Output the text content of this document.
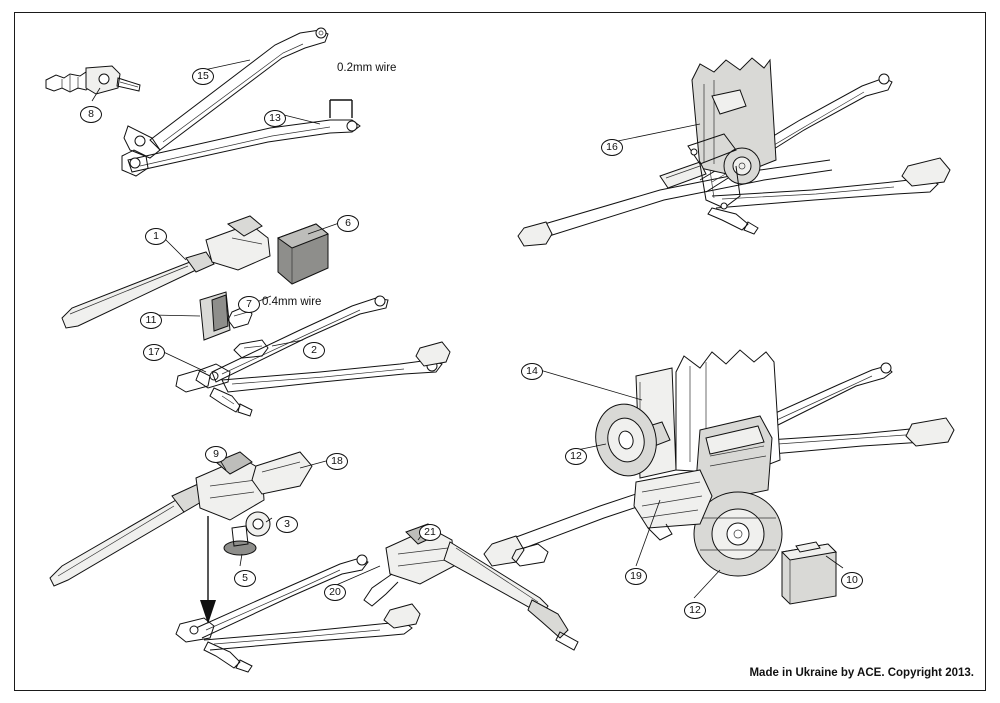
8
15
13
16
1
6
7
11
17	2
14
12
19
12
10
9
18
3
5
21
20
0.2mm wire
0.4mm wire
Made in Ukraine by ACE. Copyright 2013.
